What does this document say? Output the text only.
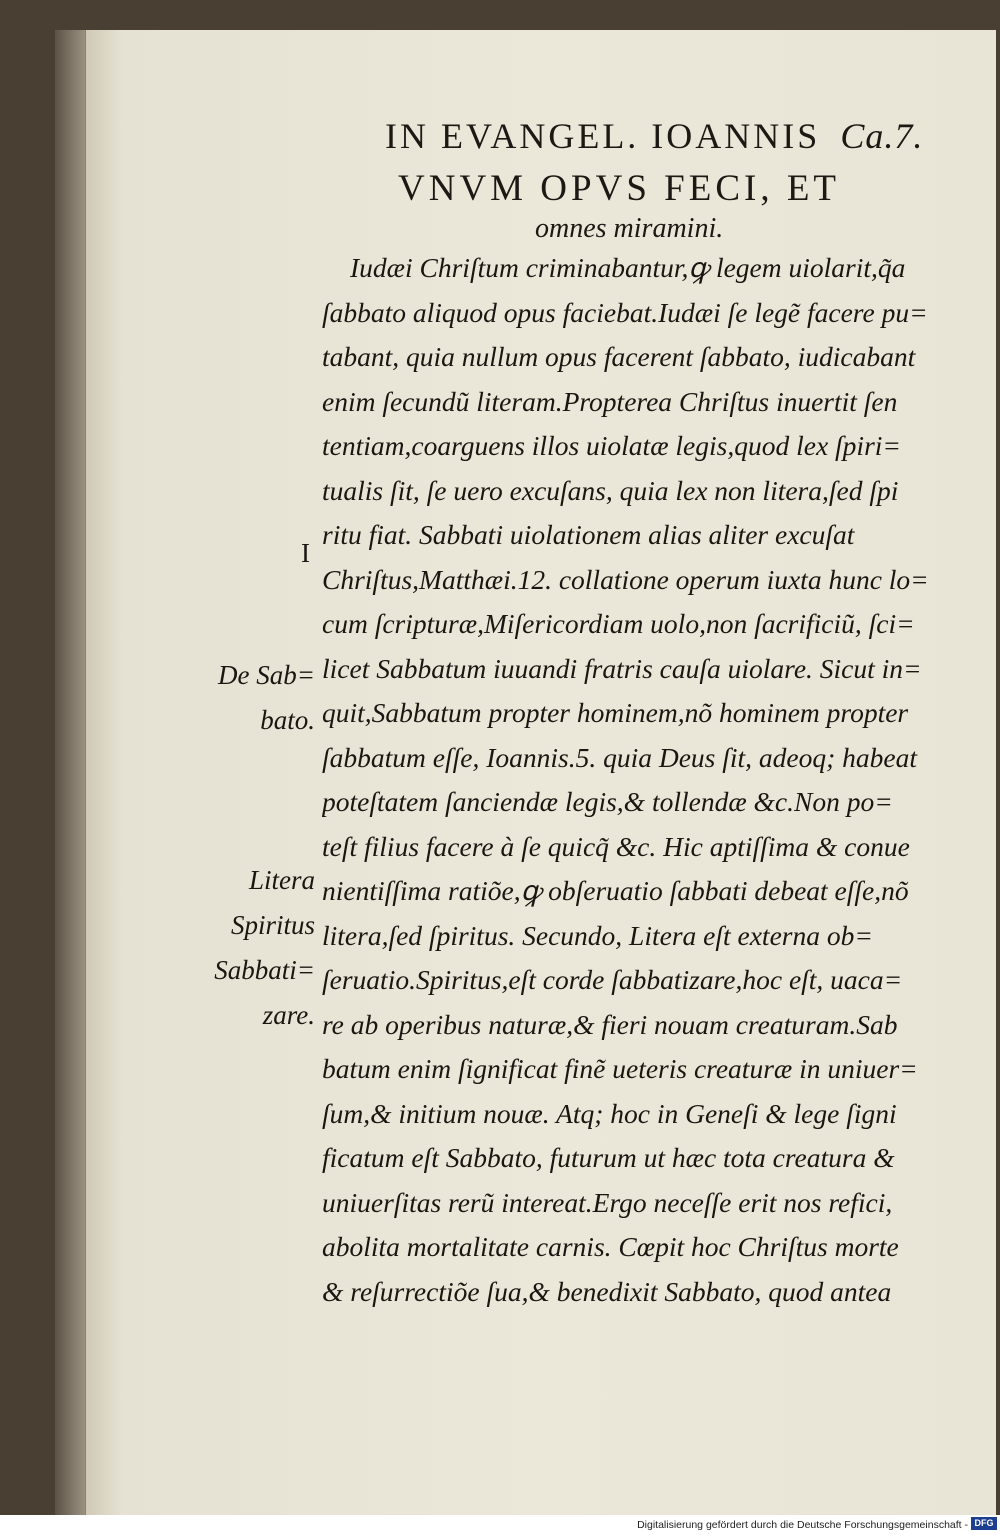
IN EVANGEL. IOANNIS Ca.7.
VNVM OPVS FECI, ET
omnes miramini.
Iudæi Chriſtum criminabantur,ꝙ legem uiolarit,q̃a
ſabbato aliquod opus faciebat.Iudæi ſe legẽ facere pu=
tabant, quia nullum opus facerent ſabbato, iudicabant
enim ſecundũ literam.Propterea Chriſtus inuertit ſen
tentiam,coarguens illos uiolatæ legis,quod lex ſpiri=
tualis ſit, ſe uero excuſans, quia lex non litera,ſed ſpi
ritu fiat. Sabbati uiolationem alias aliter excuſat
Chriſtus,Matthæi.12. collatione operum iuxta hunc lo=
cum ſcripturæ,Miſericordiam uolo,non ſacrificiũ, ſci=
licet Sabbatum iuuandi fratris cauſa uiolare. Sicut in=
quit,Sabbatum propter hominem,nõ hominem propter
ſabbatum eſſe, Ioannis.5. quia Deus ſit, adeoq; habeat
poteſtatem ſanciendæ legis,& tollendæ &c.Non po=
teſt filius facere à ſe quicq̃ &c. Hic aptiſſima & conue
nientiſſima ratiõe,ꝙ obſeruatio ſabbati debeat eſſe,nõ
litera,ſed ſpiritus. Secundo, Litera eſt externa ob=
ſeruatio.Spiritus,eſt corde ſabbatizare,hoc eſt, uaca=
re ab operibus naturæ,& fieri nouam creaturam.Sab
batum enim ſignificat finẽ ueteris creaturæ in uniuer=
ſum,& initium nouæ. Atq; hoc in Geneſi & lege ſigni
ficatum eſt Sabbato, futurum ut hæc tota creatura &
uniuerſitas rerũ intereat.Ergo neceſſe erit nos refici,
abolita mortalitate carnis. Cœpit hoc Chriſtus morte
& reſurrectiõe ſua,& benedixit Sabbato, quod antea
I
De Sab=
bato.
Litera
Spiritus
Sabbati=
zare.
Digitalisierung gefördert durch die Deutsche Forschungsgemeinschaft - DFG
